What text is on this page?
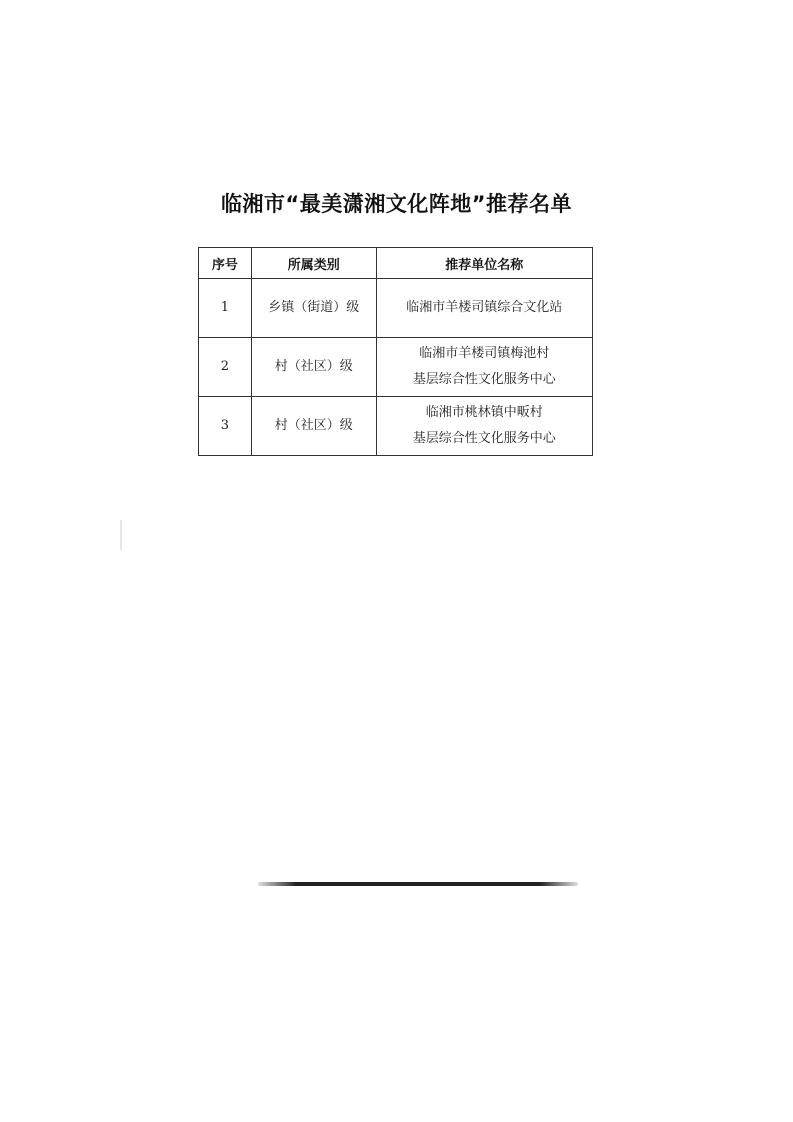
临湘市“最美潇湘文化阵地”推荐名单
序号	所属类别	推荐单位名称
1	乡镇（街道）级	临湘市羊楼司镇综合文化站

2	村（社区）级	临湘市羊楼司镇梅池村
基层综合性文化服务中心

3	村（社区）级	临湘市桃林镇中畈村
基层综合性文化服务中心
